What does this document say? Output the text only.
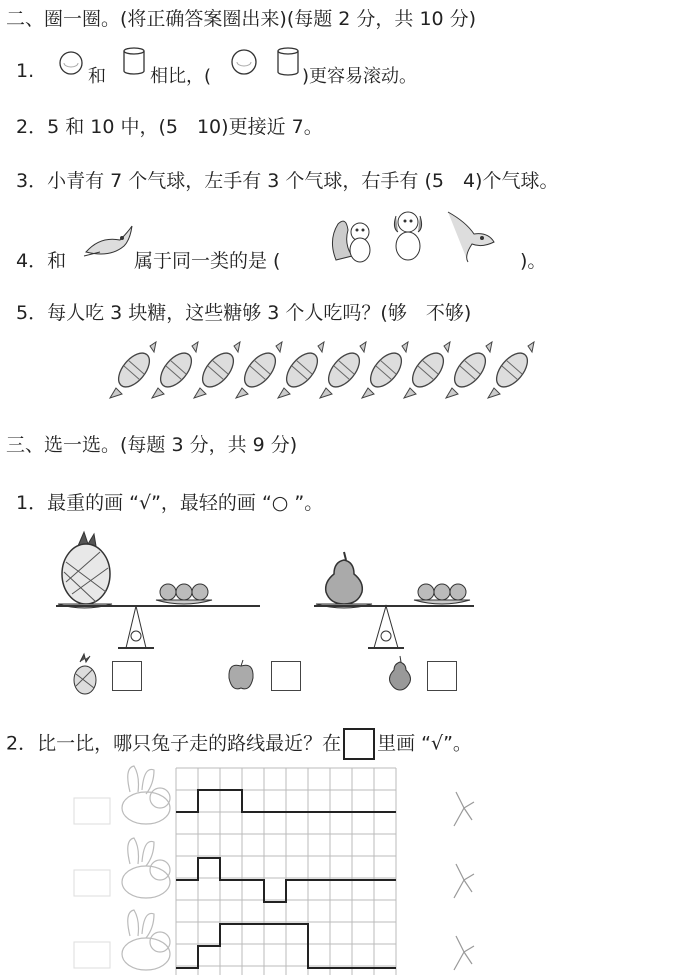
二、圈一圈。(将正确答案圈出来)(每题 2 分，共 10 分)
1.	和 相比，(	)更容易滚动。
2．5 和 10 中，(5　10)更接近 7。
3．小青有 7 个气球，左手有 3 个气球，右手有 (5　4)个气球。
4．和	属于同一类的是 (	)。
5．每人吃 3 块糖，这些糖够 3 个人吃吗？(够　不够)
三、选一选。(每题 3 分，共 9 分)
1．最重的画 “√”，最轻的画 “○ ”。
2．比一比，哪只兔子走的路线最近？在 里画 “√”。
